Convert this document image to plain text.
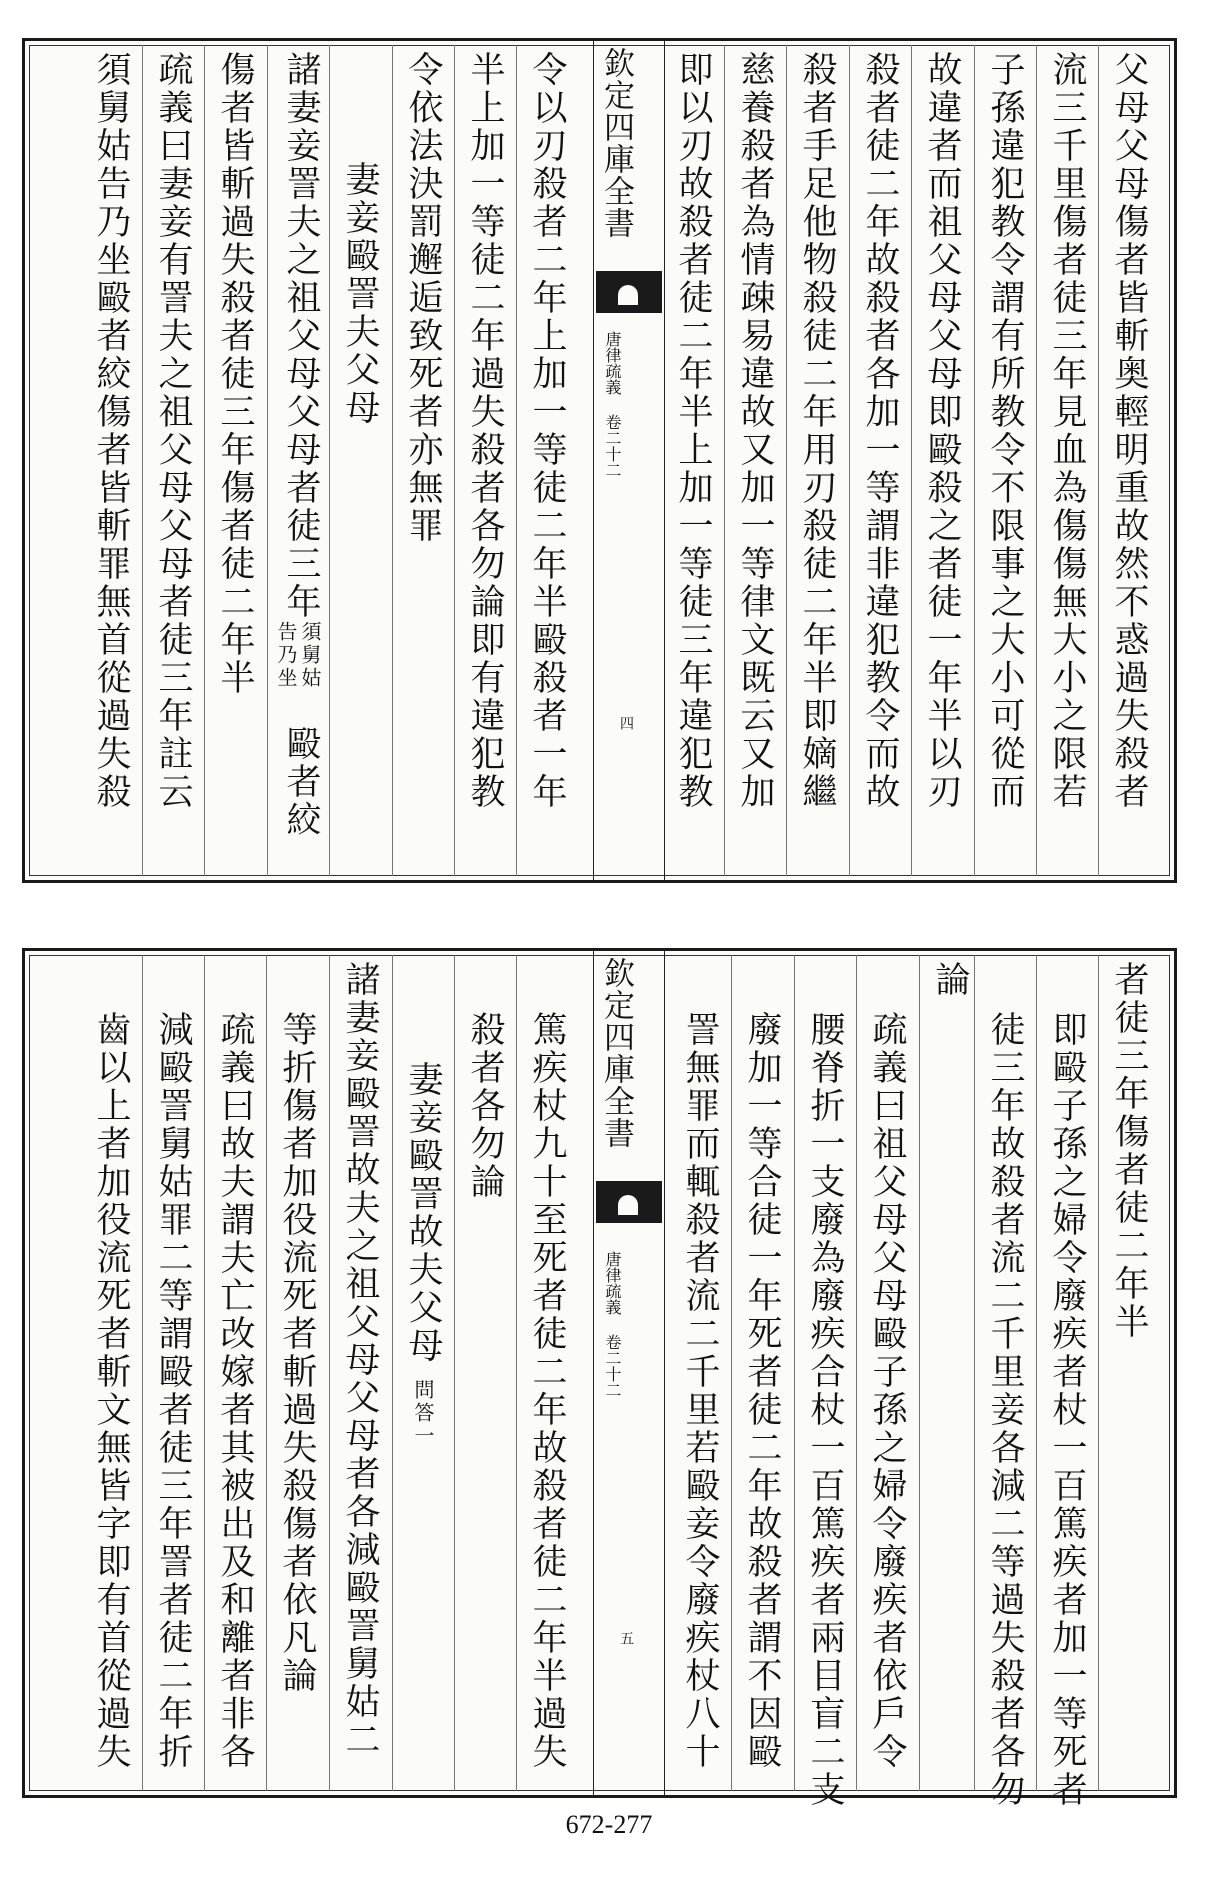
父母父母傷者皆斬奥輕明重故然不惑過失殺者
流三千里傷者徒三年見血為傷傷無大小之限若
子孫違犯教令謂有所教令不限事之大小可從而
故違者而祖父母父母即毆殺之者徒一年半以刃
殺者徒二年故殺者各加一等謂非違犯教令而故
殺者手足他物殺徒二年用刃殺徒二年半即嫡繼
慈養殺者為情疎易違故又加一等律文既云又加
即以刃故殺者徒二年半上加一等徒三年違犯教
欽定四庫全書
唐律疏義 卷二十二
四
令以刃殺者二年上加一等徒二年半毆殺者一年
半上加一等徒二年過失殺者各勿論即有違犯教
令依法決罰邂逅致死者亦無罪
妻妾毆詈夫父母
諸妻妾詈夫之祖父母父母者徒三年
須舅姑
告乃坐
毆者絞
傷者皆斬過失殺者徒三年傷者徒二年半
疏義曰妻妾有詈夫之祖父母父母者徒三年註云
須舅姑告乃坐毆者絞傷者皆斬罪無首從過失殺
者徒三年傷者徒二年半
即毆子孫之婦令廢疾者杖一百篤疾者加一等死者
徒三年故殺者流二千里妾各減二等過失殺者各勿
論
疏義曰祖父母父母毆子孫之婦令廢疾者依戶令
腰脊折一支廢為廢疾合杖一百篤疾者兩目盲二支
廢加一等合徒一年死者徒二年故殺者謂不因毆
詈無罪而輒殺者流二千里若毆妾令廢疾杖八十
欽定四庫全書
唐律疏義 卷二十二
五
篤疾杖九十至死者徒二年故殺者徒二年半過失
殺者各勿論
妻妾毆詈故夫父母問答一
諸妻妾毆詈故夫之祖父母父母者各減毆詈舅姑二
等折傷者加役流死者斬過失殺傷者依凡論
疏義曰故夫謂夫亡改嫁者其被出及和離者非各
減毆詈舅姑罪二等謂毆者徒三年詈者徒二年折
齒以上者加役流死者斬文無皆字即有首從過失
672-277
